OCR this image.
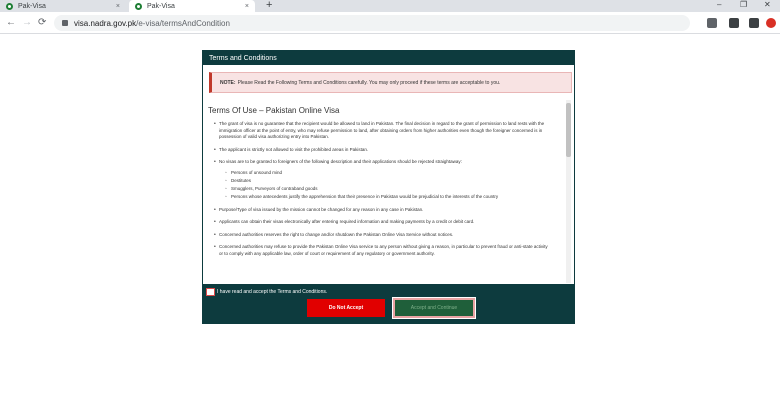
Pak-Visa	×	Pak-Visa	× +	– ❐ ✕
← → ⟳	visa.nadra.gov.pk /e-visa/termsAndCondition
Terms and Conditions
NOTE: Please Read the Following Terms and Conditions carefully. You may only proceed if these terms are acceptable to you.
Terms Of Use – Pakistan Online Visa
• The grant of visa is no guarantee that the recipient would be allowed to land in Pakistan. The final decision in regard to the grant of permission to land rests with the immigration officer at the point of entry, who may refuse permission to land, after obtaining orders from higher authorities even though the foreigner concerned is in possession of valid visa authorizing entry into Pakistan.
• The applicant is strictly not allowed to visit the prohibited areas in Pakistan.
• No visas are to be granted to foreigners of the following description and their applications should be rejected straightaway:
◦ Persons of unsound mind
◦ Destitutes
◦ Smugglers, Purveyors of contraband goods
◦ Persons whose antecedents justify the apprehension that their presence in Pakistan would be prejudicial to the interests of the country
• Purpose/Type of visa issued by the mission cannot be changed for any reason in any case in Pakistan.
• Applicants can obtain their visas electronically after entering required information and making payments by a credit or debit card.
• Concerned authorities reserves the right to change and/or shutdown the Pakistan Online Visa Service without notices.
• Concerned authorities may refuse to provide the Pakistan Online Visa service to any person without giving a reason, in particular to prevent fraud or anti-state activity or to comply with any applicable law, order of court or requirement of any regulatory or government authority.
I have read and accept the Terms and Conditions.
Do Not Accept	Accept and Continue
